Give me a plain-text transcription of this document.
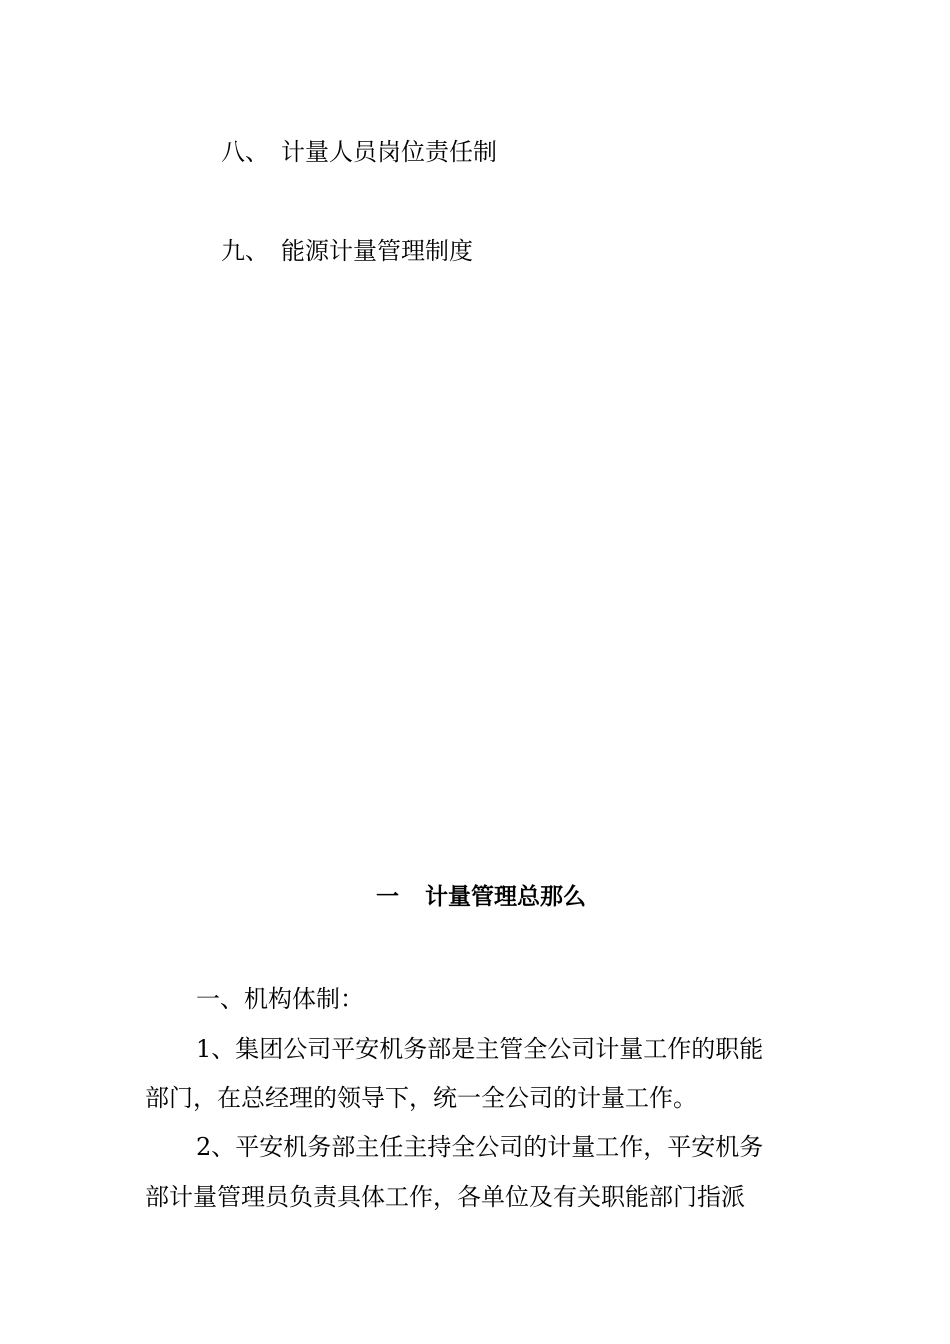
八、 计量人员岗位责任制
九、 能源计量管理制度
一 计量管理总那么
一、机构体制：
1、集团公司平安机务部是主管全公司计量工作的职能
部门，在总经理的领导下，统一全公司的计量工作。
2、平安机务部主任主持全公司的计量工作，平安机务
部计量管理员负责具体工作，各单位及有关职能部门指派
